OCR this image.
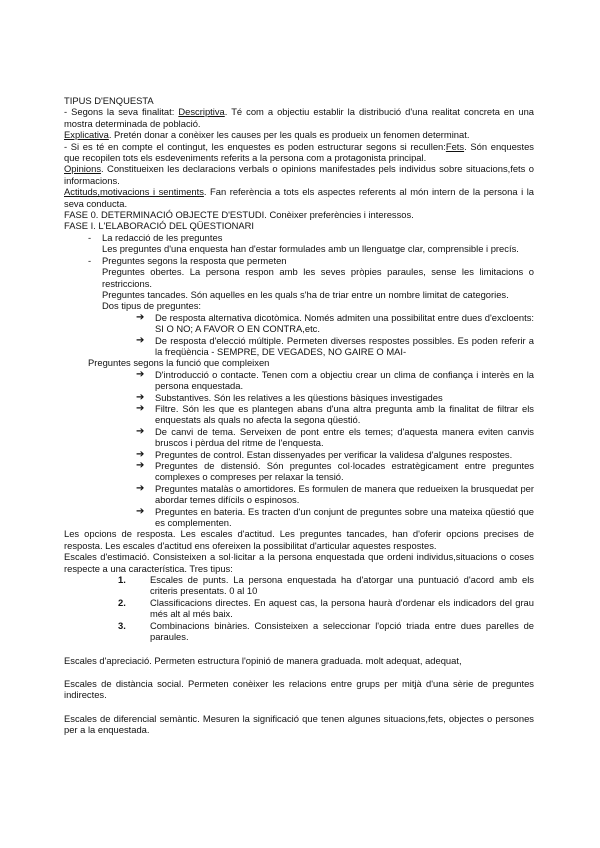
TIPUS D'ENQUESTA

- Segons la seva finalitat: Descriptiva. Té com a objectiu establir la distribució d'una realitat concreta en una mostra determinada de població.

Explicativa. Pretén donar a conèixer les causes per les quals es produeix un fenomen determinat.

- Si es té en compte el contingut, les enquestes es poden estructurar segons si recullen:Fets. Són enquestes que recopilen tots els esdeveniments referits a la persona com a protagonista principal.

Opinions. Constitueixen les declaracions verbals o opinions manifestades pels individus sobre situacions,fets o informacions.

Actituds,motivacions i sentiments. Fan referència a tots els aspectes referents al món intern de la persona i la seva conducta.

FASE 0. DETERMINACIÓ OBJECTE D'ESTUDI. Conèixer preferències i interessos.

FASE I. L'ELABORACIÓ DEL QÜESTIONARI

- La redacció de les preguntes

Les preguntes d'una enquesta han d'estar formulades amb un llenguatge clar, comprensible i precís.

- Preguntes segons la resposta que permeten

Preguntes obertes. La persona respon amb les seves pròpies paraules, sense les limitacions o restriccions.

Preguntes tancades. Són aquelles en les quals s'ha de triar entre un nombre limitat de categories.

Dos tipus de preguntes:

➔ De resposta alternativa dicotòmica. Només admiten una possibilitat entre dues d'excloents: SI O NO; A FAVOR O EN CONTRA,etc.

➔ De resposta d'elecció múltiple. Permeten diverses respostes possibles. Es poden referir a la freqüència - SEMPRE, DE VEGADES, NO GAIRE O MAI-

Preguntes segons la funció que compleixen

➔ D'introducció o contacte. Tenen com a objectiu crear un clima de confiança i interès en la persona enquestada.

➔ Substantives. Són les relatives a les qüestions bàsiques investigades

➔ Filtre. Són les que es plantegen abans d'una altra pregunta amb la finalitat de filtrar els enquestats als quals no afecta la segona qüestió.

➔ De canvi de tema. Serveixen de pont entre els temes; d'aquesta manera eviten canvis bruscos i pèrdua del ritme de l'enquesta.

➔ Preguntes de control. Estan dissenyades per verificar la validesa d'algunes respostes.

➔ Preguntes de distensió. Són preguntes col·locades estratègicament entre preguntes complexes o compreses per relaxar la tensió.

➔ Preguntes matalàs o amortidores. Es formulen de manera que redueixen la brusquedat per abordar temes difícils o espinosos.

➔ Preguntes en bateria. Es tracten d'un conjunt de preguntes sobre una mateixa qüestió que es complementen.

Les opcions de resposta. Les escales d'actitud. Les preguntes tancades, han d'oferir opcions precises de resposta. Les escales d'actitud ens ofereixen la possibilitat d'articular aquestes respostes.

Escales d'estimació. Consisteixen a sol·licitar a la persona enquestada que ordeni individus,situacions o coses respecte a una característica. Tres tipus:

1.	Escales de punts. La persona enquestada ha d'atorgar una puntuació d'acord amb els criteris presentats. 0 al 10

2.	Classificacions directes. En aquest cas, la persona haurà d'ordenar els indicadors del grau més alt al més baix.

3.	Combinacions binàries. Consisteixen a seleccionar l'opció triada entre dues parelles de paraules.

Escales d'apreciació. Permeten estructura l'opinió de manera graduada. molt adequat, adequat,

Escales de distància social. Permeten conèixer les relacions entre grups per mitjà d'una sèrie de preguntes indirectes.

Escales de diferencial semàntic. Mesuren la significació que tenen algunes situacions,fets, objectes o persones per a la enquestada.
